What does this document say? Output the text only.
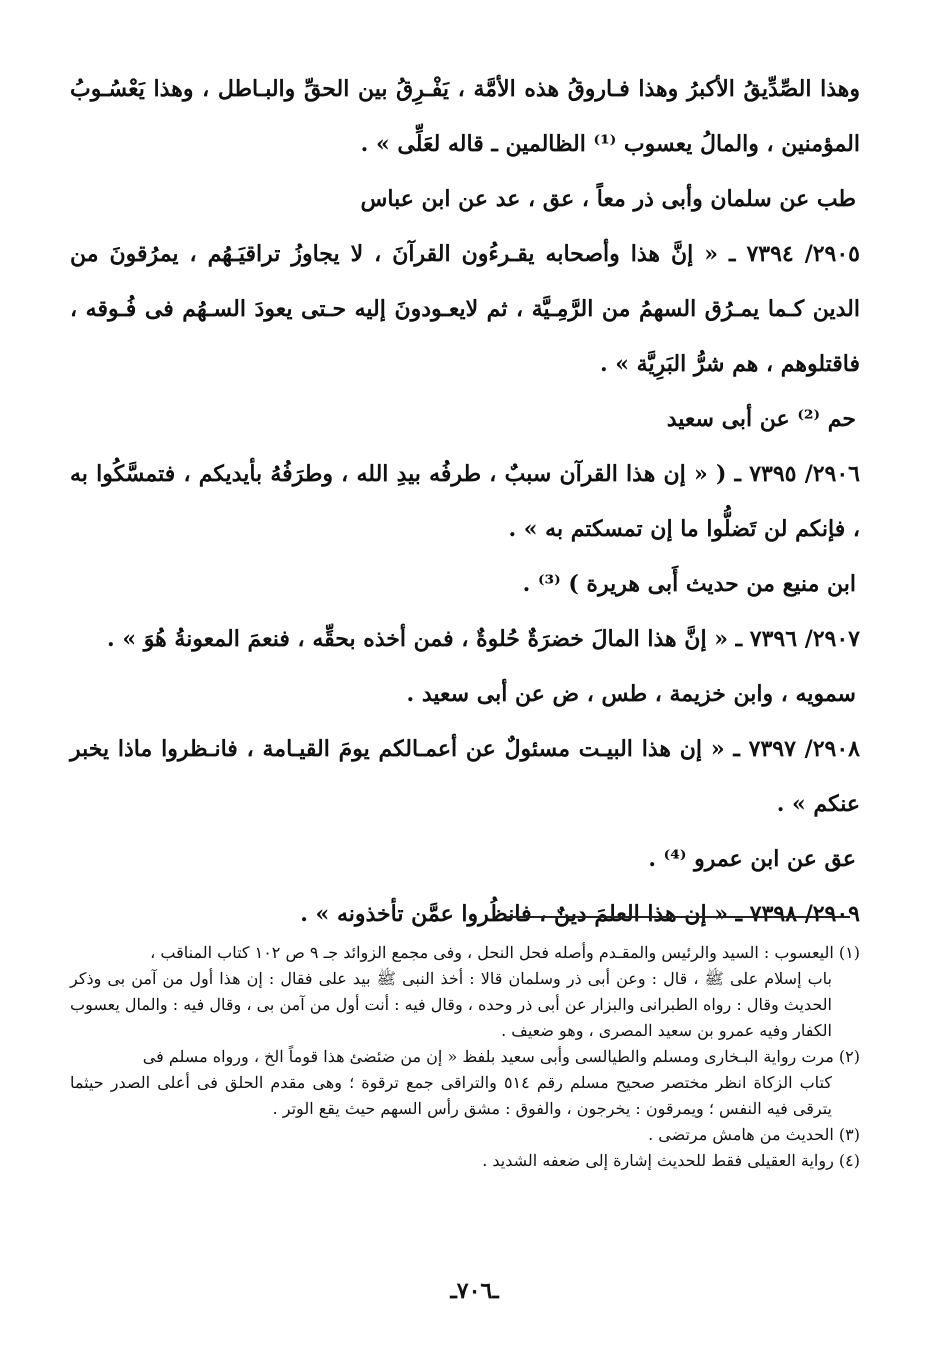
وهذا الصِّدِّيقُ الأكبرُ وهذا فـاروقُ هذه الأمَّة ، يَفْـرِقُ بين الحقِّ والبـاطل ، وهذا يَعْسُـوبُ المؤمنين ، والمالُ يعسوب ⁽¹⁾ الظالمين ـ قاله لعَلِّى » .

طب عن سلمان وأبى ذر معاً ، عق ، عد عن ابن عباس

٢٩٠٥/ ٧٣٩٤ ـ « إنَّ هذا وأصحابه يقـرءُون القرآنَ ، لا يجاوزُ تراقيَـهُم ، يمرُقونَ من الدين كـما يمـرُق السهمُ من الرَّمِـيَّة ، ثم لايعـودونَ إليه حـتى يعودَ السـهُم فى فُـوقه ، فاقتلوهم ، هم شرُّ البَرِيَّة » .

حم ⁽²⁾ عن أبى سعيد

٢٩٠٦/ ٧٣٩٥ ـ ( « إن هذا القرآن سببٌ ، طرفُه بيدِ الله ، وطرَفُهُ بأيديكم ، فتمسَّكُوا به ، فإنكم لن تَضلُّوا ما إن تمسكتم به » .

ابن منيع من حديث أَبى هريرة ) ⁽³⁾ .

٢٩٠٧/ ٧٣٩٦ ـ « إنَّ هذا المالَ خضرَةٌ حُلوةٌ ، فمن أخذه بحقِّه ، فنعمَ المعونةُ هُوَ » .

سمويه ، وابن خزيمة ، طس ، ض عن أبى سعيد .

٢٩٠٨/ ٧٣٩٧ ـ « إن هذا البيـت مسئولٌ عن أعمـالكم يومَ القيـامة ، فانـظروا ماذا يخبر عنكم » .

عق عن ابن عمرو ⁽⁴⁾ .

٢٩٠٩/ ٧٣٩٨ ـ « إن هذا العلمَ دينٌ ، فانظُروا عمَّن تأخذونه » .

(١) اليعسوب : السيد والرئيس والمقـدم وأصله فحل النحل ، وفى مجمع الزوائد جـ ٩ ص ١٠٢ كتاب المناقب ،

باب إسلام على ﷺ ، قال : وعن أبى ذر وسلمان قالا : أخذ النبى ﷺ بيد على فقال : إن هذا أول من آمن بى وذكر الحديث وقال : رواه الطبرانى والبزار عن أبى ذر وحده ، وقال فيه : أنت أول من آمن بى ، وقال فيه : والمال يعسوب الكفار وفيه عمرو بن سعيد المصرى ، وهو ضعيف .

(٢) مرت رواية البـخارى ومسلم والطيالسى وأبى سعيد بلفظ « إن من ضئضئ هذا قوماً الخ ، ورواه مسلم فى

كتاب الزكاة انظر مختصر صحيح مسلم رقم ٥١٤ والتراقى جمع ترقوة ؛ وهى مقدم الحلق فى أعلى الصدر حيثما يترقى فيه النفس ؛ ويمرقون : يخرجون ، والفوق : مشق رأس السهم حيث يقع الوتر .

(٣) الحديث من هامش مرتضى .

(٤) رواية العقيلى فقط للحديث إشارة إلى ضعفه الشديد .

ـ٧٠٦ـ
